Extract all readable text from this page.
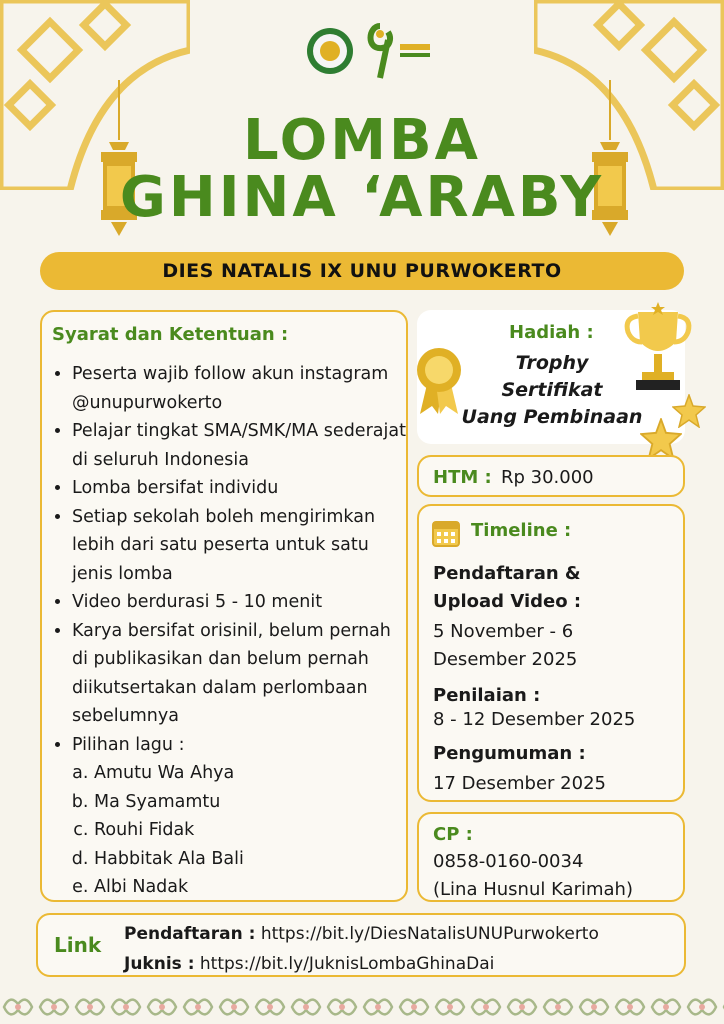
LOMBA
GHINA ‘ARABY
DIES NATALIS IX UNU PURWOKERTO
Syarat dan Ketentuan :
• Peserta wajib follow akun instagram @unupurwokerto
• Pelajar tingkat SMA/SMK/MA sederajat di seluruh Indonesia
• Lomba bersifat individu
• Setiap sekolah boleh mengirimkan lebih dari satu peserta untuk satu jenis lomba
• Video berdurasi 5 - 10 menit
• Karya bersifat orisinil, belum pernah di publikasikan dan belum pernah diikutsertakan dalam perlombaan sebelumnya
• Pilihan lagu :
a. Amutu Wa Ahya
b. Ma Syamamtu
c. Rouhi Fidak
d. Habbitak Ala Bali
e. Albi Nadak
Hadiah :
Trophy
Sertifikat
Uang Pembinaan
HTM : Rp 30.000
Timeline :
Pendaftaran & Upload Video :
5 November - 6 Desember 2025
Penilaian :
8 - 12 Desember 2025
Pengumuman :
17 Desember 2025
CP :
0858-0160-0034
(Lina Husnul Karimah)
Link Pendaftaran : https://bit.ly/DiesNatalisUNUPurwokerto
Juknis : https://bit.ly/JuknisLombaGhinaDai
